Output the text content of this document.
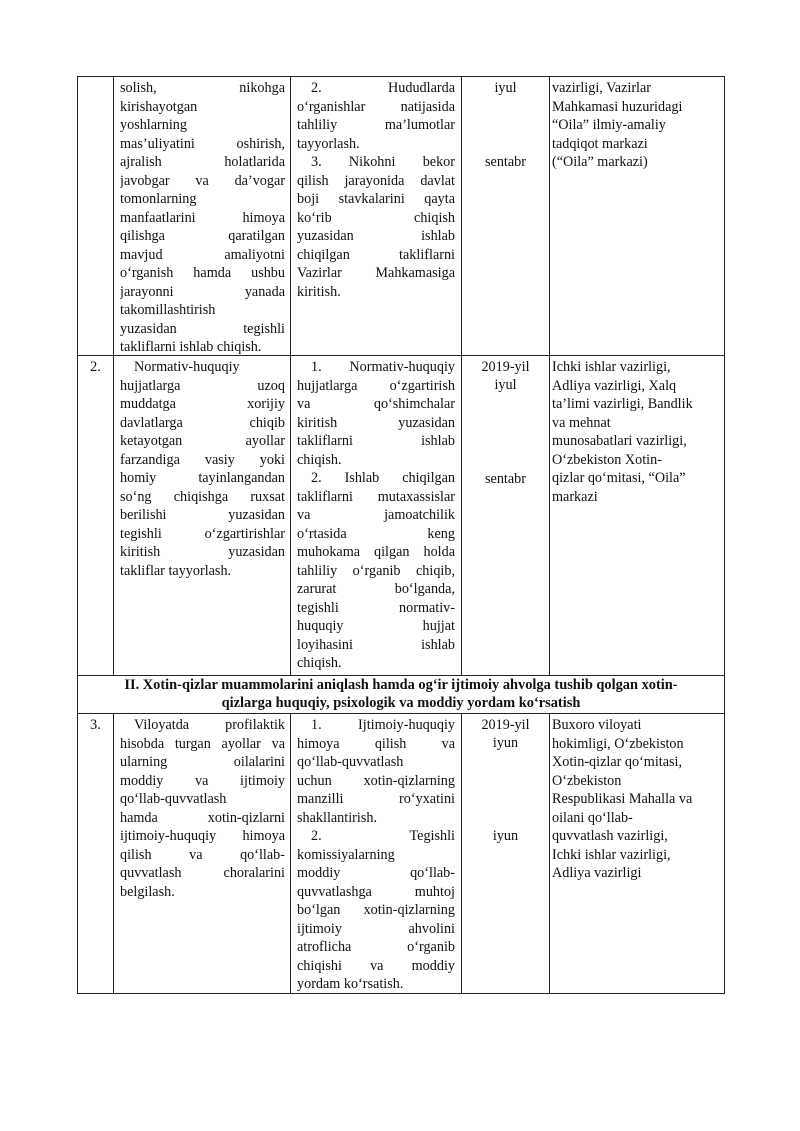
solish, nikohga
kirishayotgan
yoshlarning
mas’uliyatini oshirish,
ajralish holatlarida
javobgar va da’vogar
tomonlarning
manfaatlarini himoya
qilishga qaratilgan
mavjud amaliyotni
o‘rganish hamda ushbu
jarayonni yanada
takomillashtirish
yuzasidan tegishli
takliflarni ishlab chiqish.
2. Hududlarda
o‘rganishlar natijasida
tahliliy ma’lumotlar
tayyorlash.
3. Nikohni bekor
qilish jarayonida davlat
boji stavkalarini qayta
ko‘rib chiqish
yuzasidan ishlab
chiqilgan takliflarni
Vazirlar Mahkamasiga
kiritish.
iyul
sentabr
vazirligi, Vazirlar
Mahkamasi huzuridagi
“Oila” ilmiy-amaliy
tadqiqot markazi
(“Oila” markazi)
2.	Normativ-huquqiy
hujjatlarga uzoq
muddatga xorijiy
davlatlarga chiqib
ketayotgan ayollar
farzandiga vasiy yoki
homiy tayinlangandan
so‘ng chiqishga ruxsat
berilishi yuzasidan
tegishli o‘zgartirishlar
kiritish yuzasidan
takliflar tayyorlash.
1. Normativ-huquqiy
hujjatlarga o‘zgartirish
va qo‘shimchalar
kiritish yuzasidan
takliflarni ishlab
chiqish.
2. Ishlab chiqilgan
takliflarni mutaxassislar
va jamoatchilik
o‘rtasida keng
muhokama qilgan holda
tahliliy o‘rganib chiqib,
zarurat bo‘lganda,
tegishli normativ-
huquqiy hujjat
loyihasini ishlab
chiqish.
2019-yil
iyul
sentabr
Ichki ishlar vazirligi,
Adliya vazirligi, Xalq
ta’limi vazirligi, Bandlik
va mehnat
munosabatlari vazirligi,
O‘zbekiston Xotin-
qizlar qo‘mitasi, “Oila”
markazi
II. Xotin-qizlar muammolarini aniqlash hamda og‘ir ijtimoiy ahvolga tushib qolgan xotin-
qizlarga huquqiy, psixologik va moddiy yordam ko‘rsatish
3.	Viloyatda profilaktik
hisobda turgan ayollar va
ularning oilalarini
moddiy va ijtimoiy
qo‘llab-quvvatlash
hamda xotin-qizlarni
ijtimoiy-huquqiy himoya
qilish va qo‘llab-
quvvatlash choralarini
belgilash.
1. Ijtimoiy-huquqiy
himoya qilish va
qo‘llab-quvvatlash
uchun xotin-qizlarning
manzilli ro‘yxatini
shakllantirish.
2. Tegishli
komissiyalarning
moddiy qo‘llab-
quvvatlashga muhtoj
bo‘lgan xotin-qizlarning
ijtimoiy ahvolini
atroflicha o‘rganib
chiqishi va moddiy
yordam ko‘rsatish.
2019-yil
iyun
iyun
Buxoro viloyati
hokimligi, O‘zbekiston
Xotin-qizlar qo‘mitasi,
O‘zbekiston
Respublikasi Mahalla va
oilani qo‘llab-
quvvatlash vazirligi,
Ichki ishlar vazirligi,
Adliya vazirligi
